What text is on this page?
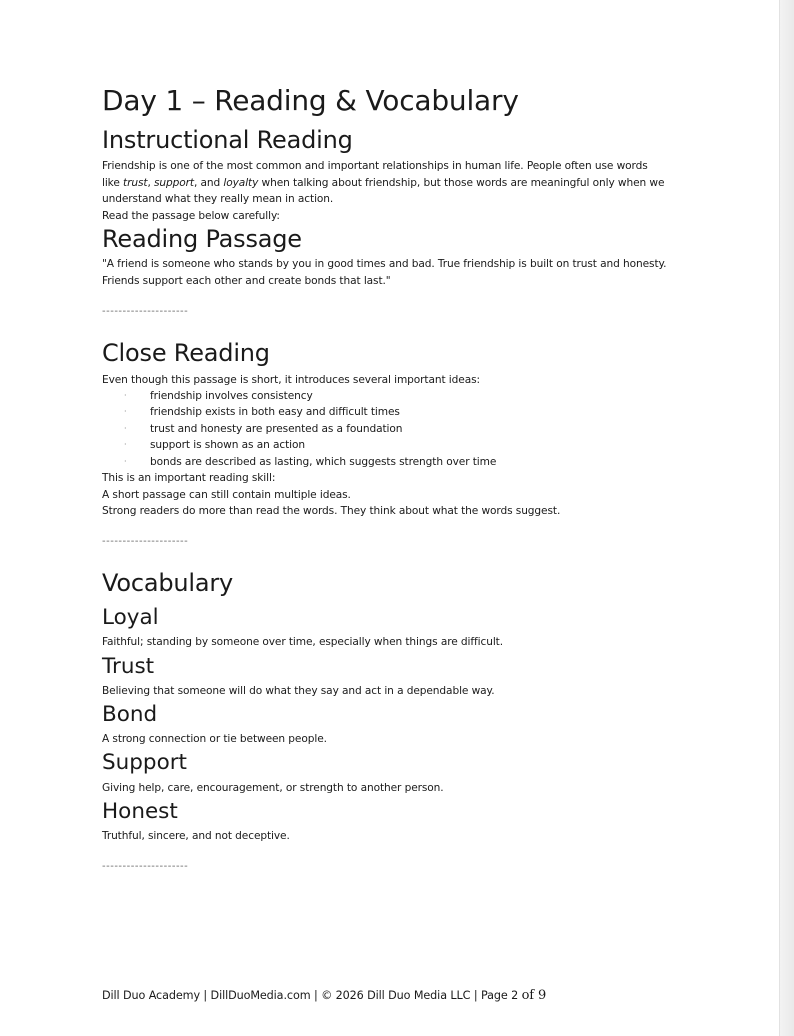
Day 1 – Reading & Vocabulary
Instructional Reading
Friendship is one of the most common and important relationships in human life. People often use words
like trust, support, and loyalty when talking about friendship, but those words are meaningful only when we
understand what they really mean in action.
Read the passage below carefully:
Reading Passage
"A friend is someone who stands by you in good times and bad. True friendship is built on trust and honesty.
Friends support each other and create bonds that last."
---------------------
Close Reading
Even though this passage is short, it introduces several important ideas:
· friendship involves consistency
· friendship exists in both easy and difficult times
· trust and honesty are presented as a foundation
· support is shown as an action
· bonds are described as lasting, which suggests strength over time
This is an important reading skill:
A short passage can still contain multiple ideas.
Strong readers do more than read the words. They think about what the words suggest.
---------------------
Vocabulary
Loyal
Faithful; standing by someone over time, especially when things are difficult.
Trust
Believing that someone will do what they say and act in a dependable way.
Bond
A strong connection or tie between people.
Support
Giving help, care, encouragement, or strength to another person.
Honest
Truthful, sincere, and not deceptive.
---------------------
Dill Duo Academy | DillDuoMedia.com | © 2026 Dill Duo Media LLC | Page 2 of 9
